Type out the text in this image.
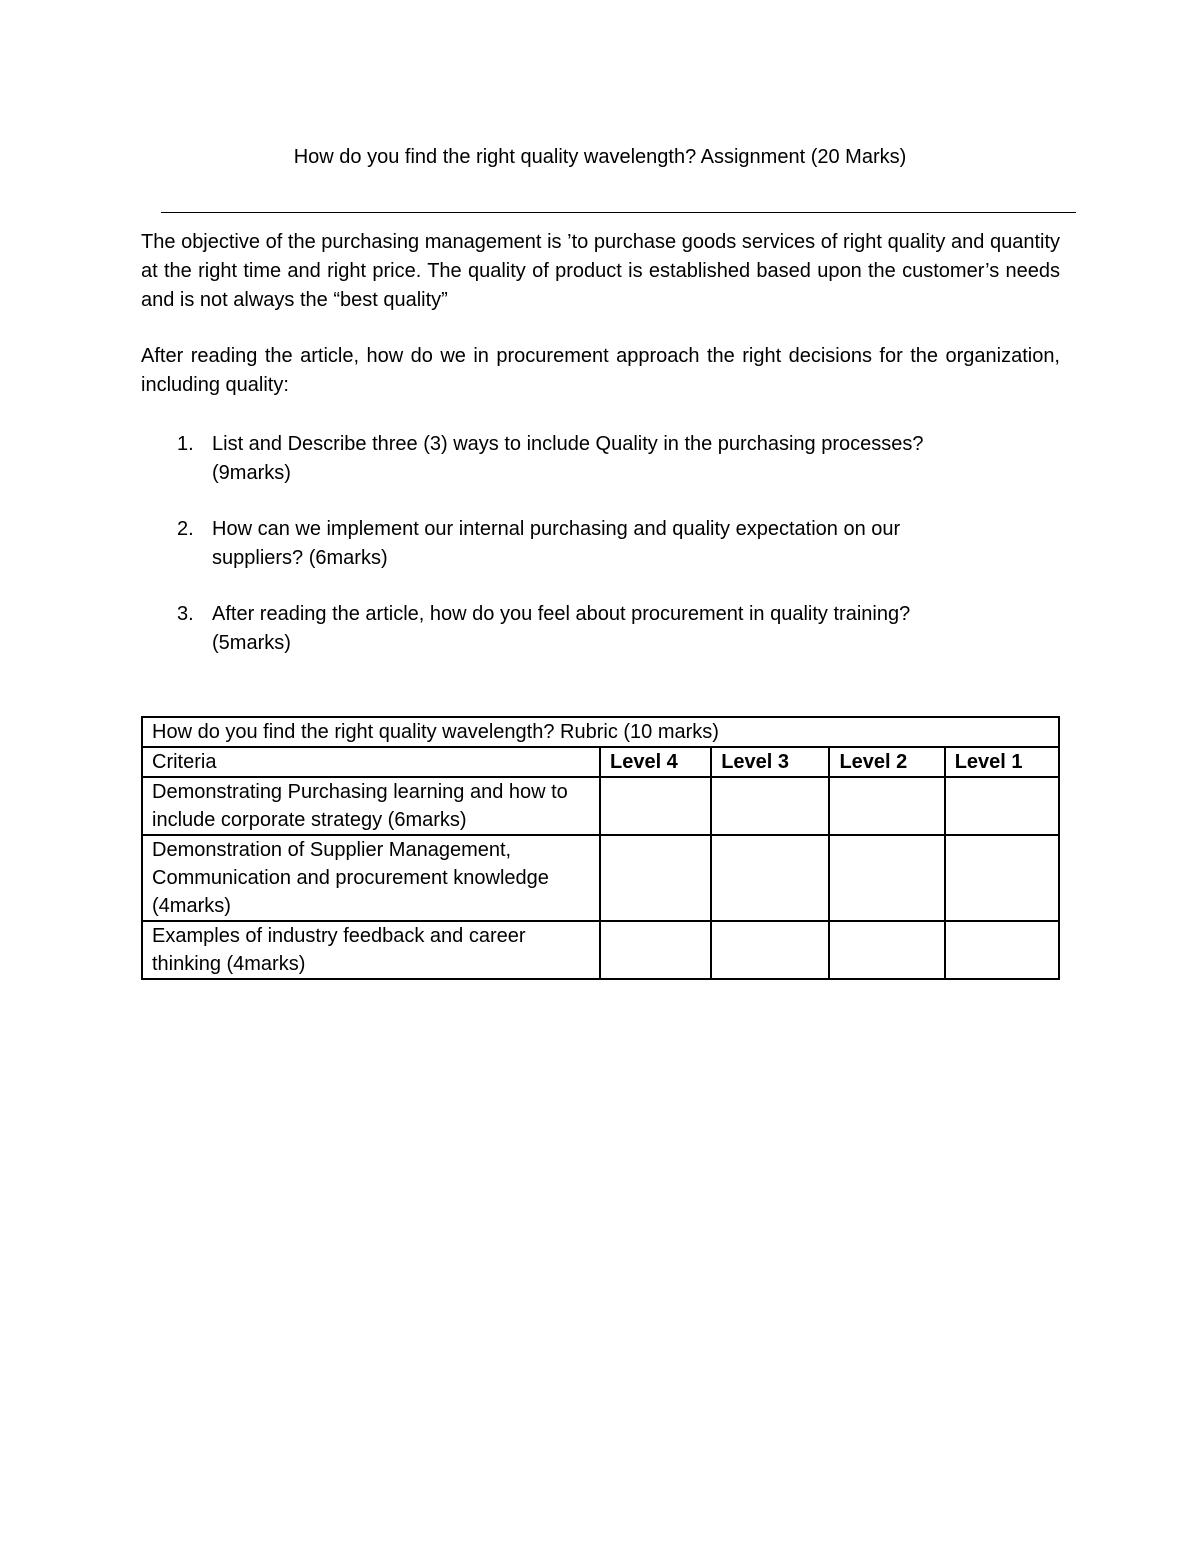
How do you find the right quality wavelength? Assignment (20 Marks)

The objective of the purchasing management is ’to purchase goods services of right quality and quantity at the right time and right price. The quality of product is established based upon the customer’s needs and is not always the “best quality”

After reading the article, how do we in procurement approach the right decisions for the organization, including quality:

1. List and Describe three (3) ways to include Quality in the purchasing processes?
(9marks)
2. How can we implement our internal purchasing and quality expectation on our suppliers? (6marks)
3. After reading the article, how do you feel about procurement in quality training?
(5marks)
How do you find the right quality wavelength? Rubric (10 marks)				
Criteria	Level 4	Level 3	Level 2	Level 1
Demonstrating Purchasing learning and how to include corporate strategy (6marks)				
Demonstration of Supplier Management, Communication and procurement knowledge (4marks)				
Examples of industry feedback and career thinking (4marks)				
